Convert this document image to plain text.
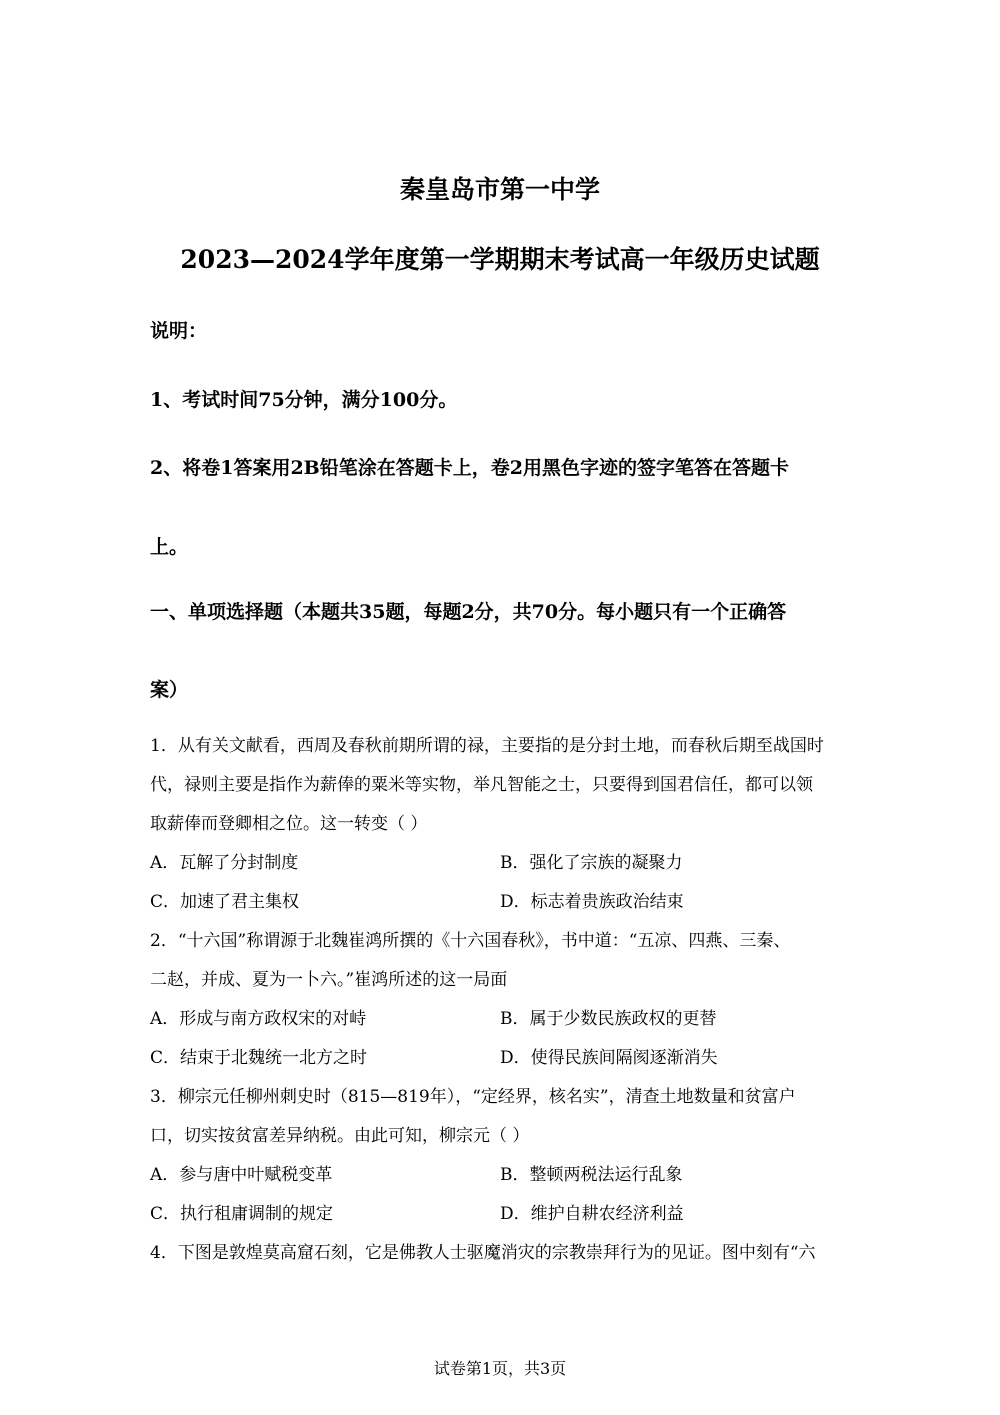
秦皇岛市第一中学
2023—2024学年度第一学期期末考试高一年级历史试题
说明：
1、考试时间75分钟，满分100分。
2、将卷1答案用2B铅笔涂在答题卡上，卷2用黑色字迹的签字笔答在答题卡
上。
一、单项选择题（本题共35题，每题2分，共70分。每小题只有一个正确答
案）
1．从有关文献看，西周及春秋前期所谓的禄，主要指的是分封土地，而春秋后期至战国时
代，禄则主要是指作为薪俸的粟米等实物，举凡智能之士，只要得到国君信任，都可以领
取薪俸而登卿相之位。这一转变（ ）
A．瓦解了分封制度	B．强化了宗族的凝聚力
C．加速了君主集权	D．标志着贵族政治结束
2．“十六国”称谓源于北魏崔鸿所撰的《十六国春秋》，书中道：“五凉、四燕、三秦、
二赵，并成、夏为一卜六。”崔鸿所述的这一局面
A．形成与南方政权宋的对峙	B．属于少数民族政权的更替
C．结束于北魏统一北方之时	D．使得民族间隔阂逐渐消失
3．柳宗元任柳州刺史时（815—819年），“定经界，核名实”，清查土地数量和贫富户
口，切实按贫富差异纳税。由此可知，柳宗元（ ）
A．参与唐中叶赋税变革	B．整顿两税法运行乱象
C．执行租庸调制的规定	D．维护自耕农经济利益
4．下图是敦煌莫高窟石刻，它是佛教人士驱魔消灾的宗教崇拜行为的见证。图中刻有“六
试卷第1页，共3页
